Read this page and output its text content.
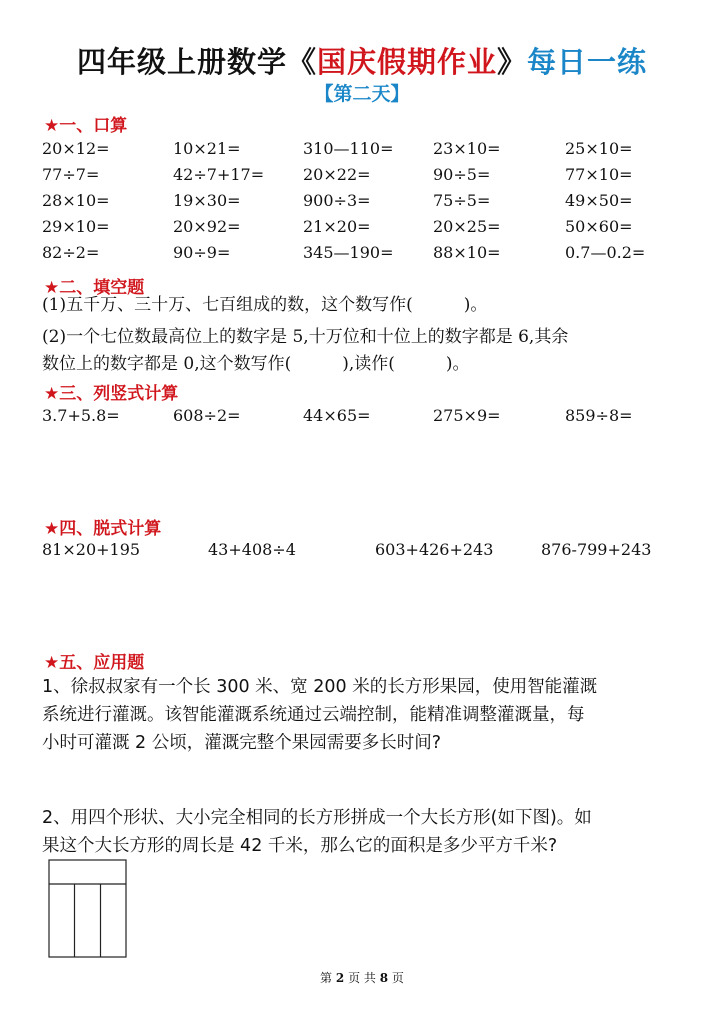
四年级上册数学《国庆假期作业》每日一练
【第二天】
★一、口算
20×12=	10×21=	310—110= 23×10=	25×10=
77÷7=	42÷7+17= 20×22=	90÷5=	77×10=
28×10=	19×30=	900÷3=	75÷5=	49×50=
29×10=	20×92=	21×20=	20×25=	50×60=
82÷2=	90÷9=	345—190= 88×10=	0.7—0.2=
★二、填空题
(1)五千万、三十万、七百组成的数，这个数写作(　　　)。
(2)一个七位数最高位上的数字是 5,十万位和十位上的数字都是 6,其余
数位上的数字都是 0,这个数写作(　　　),读作(　　　)。
★三、列竖式计算
3.7+5.8=	608÷2=	44×65=	275×9=	859÷8=
★四、脱式计算
81×20+195	43+408÷4	603+426+243	876-799+243
★五、应用题
1、徐叔叔家有一个长 300 米、宽 200 米的长方形果园，使用智能灌溉
系统进行灌溉。该智能灌溉系统通过云端控制，能精准调整灌溉量，每
小时可灌溉 2 公顷，灌溉完整个果园需要多长时间?
2、用四个形状、大小完全相同的长方形拼成一个大长方形(如下图)。如
果这个大长方形的周长是 42 千米，那么它的面积是多少平方千米?
第 2 页 共 8 页
